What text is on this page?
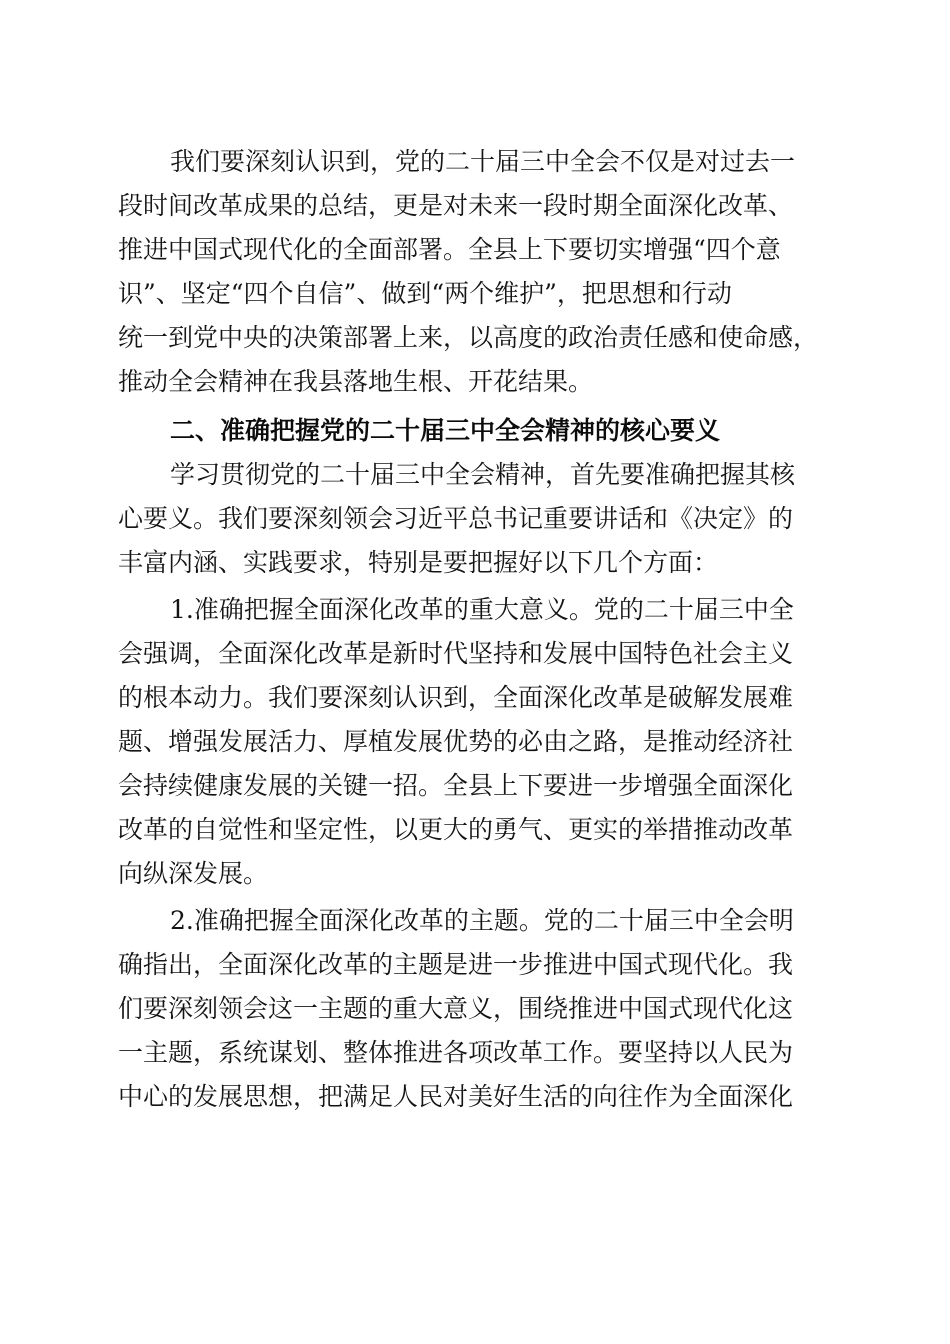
我们要深刻认识到，党的二十届三中全会不仅是对过去一

段时间改革成果的总结，更是对未来一段时期全面深化改革、

推进中国式现代化的全面部署。全县上下要切实增强“四个意

识”、坚定“四个自信”、做到“两个维护”，把思想和行动

统一到党中央的决策部署上来，以高度的政治责任感和使命感，

推动全会精神在我县落地生根、开花结果。

二、准确把握党的二十届三中全会精神的核心要义

学习贯彻党的二十届三中全会精神，首先要准确把握其核

心要义。我们要深刻领会习近平总书记重要讲话和《决定》的

丰富内涵、实践要求，特别是要把握好以下几个方面：

1.准确把握全面深化改革的重大意义。党的二十届三中全

会强调，全面深化改革是新时代坚持和发展中国特色社会主义

的根本动力。我们要深刻认识到，全面深化改革是破解发展难

题、增强发展活力、厚植发展优势的必由之路，是推动经济社

会持续健康发展的关键一招。全县上下要进一步增强全面深化

改革的自觉性和坚定性，以更大的勇气、更实的举措推动改革

向纵深发展。

2.准确把握全面深化改革的主题。党的二十届三中全会明

确指出，全面深化改革的主题是进一步推进中国式现代化。我

们要深刻领会这一主题的重大意义，围绕推进中国式现代化这

一主题，系统谋划、整体推进各项改革工作。要坚持以人民为

中心的发展思想，把满足人民对美好生活的向往作为全面深化
